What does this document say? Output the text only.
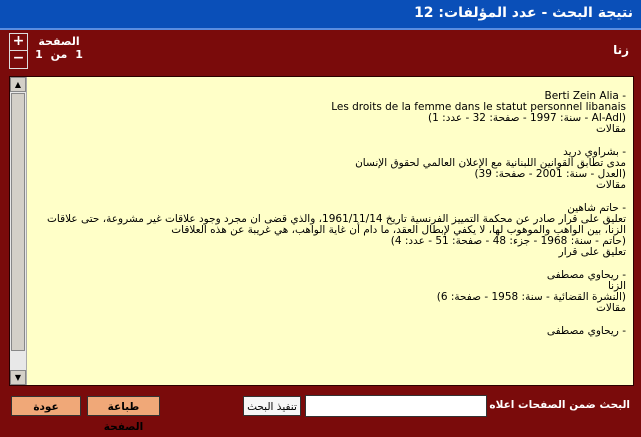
نتيجة البحث - عدد المؤلفات: 12
+
−
الصفحة
1 من 1	زنا
▲
▼
- Berti Zein Alia
Les droits de la femme dans le statut personnel libanais
(Al-Adl - سنة: 1997 - صفحة: 32 - عدد: 1)
مقالات
- بشراوي دريد
مدى تطابق القوانين اللبنانية مع الإعلان العالمي لحقوق الإنسان
(العدل - سنة: 2001 - صفحة: 39)
مقالات
- حاتم شاهين
تعليق على قرار صادر عن محكمة التمييز الفرنسية تاريخ 1961/11/14، والذي قضى أن مجرد وجود علاقات غير مشروعة، حتى علاقات الزنا، بين الواهب والموهوب لها، لا يكفي لإبطال العقد، ما دام أن غاية الواهب، هي غريبة عن هذه العلاقات
(حاتم - سنة: 1968 - جزء: 48 - صفحة: 51 - عدد: 4)
تعليق على قرار
- ريحاوي مصطفى
الزنا
(النشرة القضائية - سنة: 1958 - صفحة: 6)
مقالات
- ريحاوي مصطفى
عودة	طباعة الصفحة
تنفيذ البحث	البحث ضمن الصفحات اعلاه عن:
